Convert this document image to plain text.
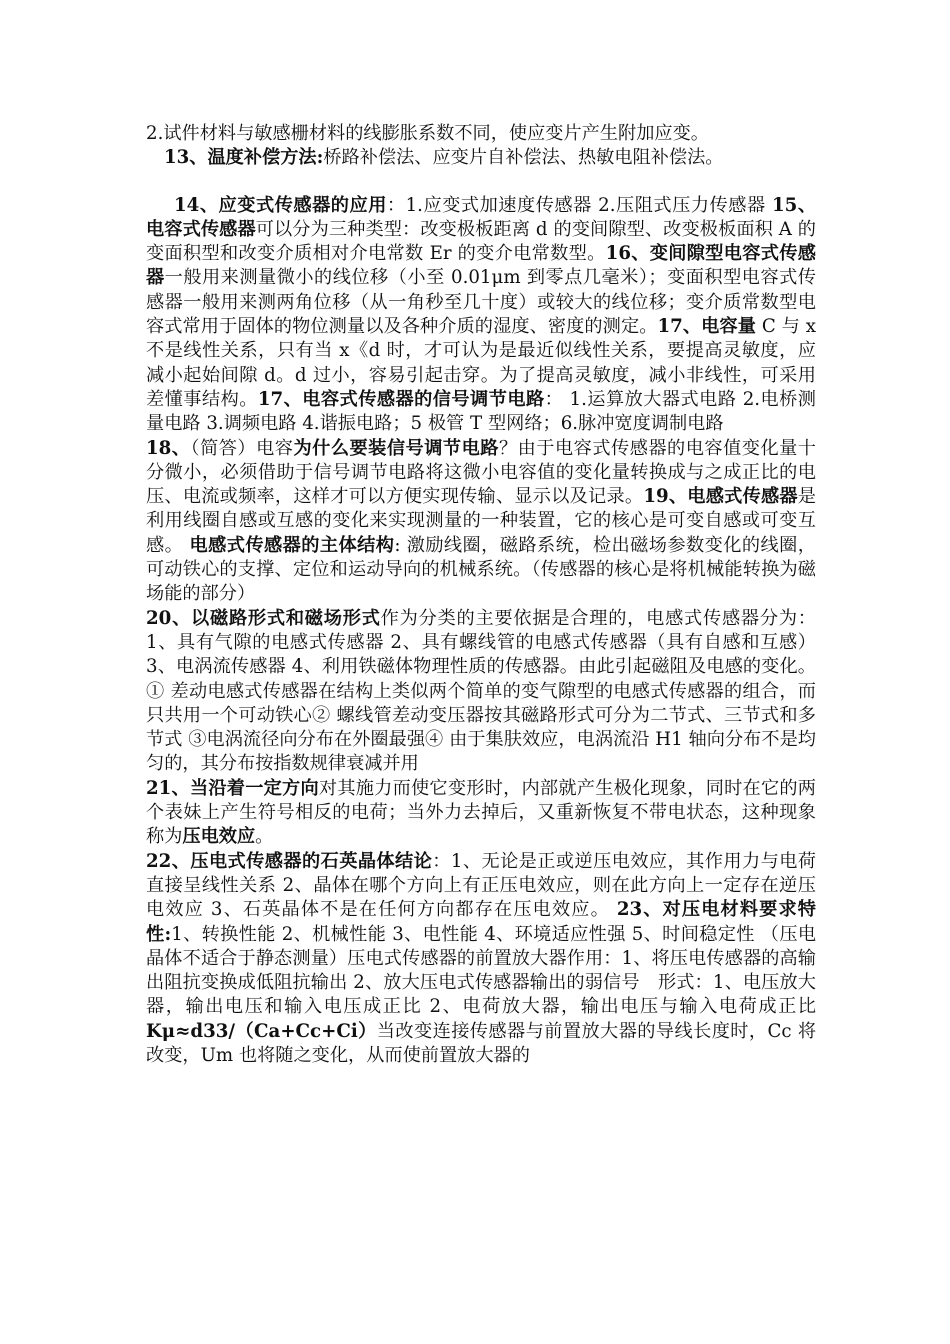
2.试件材料与敏感栅材料的线膨胀系数不同，使应变片产生附加应变。

13、温度补偿方法:桥路补偿法、应变片自补偿法、热敏电阻补偿法。

14、应变式传感器的应用：1.应变式加速度传感器 2.压阻式压力传感器 15、电容式传感器可以分为三种类型：改变极板距离 d 的变间隙型、改变极板面积 A 的变面积型和改变介质相对介电常数 Er 的变介电常数型。16、变间隙型电容式传感器一般用来测量微小的线位移（小至 0.01μm 到零点几毫米）；变面积型电容式传感器一般用来测两角位移（从一角秒至几十度）或较大的线位移；变介质常数型电容式常用于固体的物位测量以及各种介质的湿度、密度的测定。17、电容量 C 与 x 不是线性关系，只有当 x《d 时，才可认为是最近似线性关系，要提高灵敏度，应减小起始间隙 d。d 过小，容易引起击穿。为了提高灵敏度，减小非线性，可采用差懂事结构。17、电容式传感器的信号调节电路： 1.运算放大器式电路 2.电桥测量电路 3.调频电路 4.谐振电路；5 极管 T 型网络；6.脉冲宽度调制电路

18、（简答）电容为什么要装信号调节电路？由于电容式传感器的电容值变化量十分微小，必须借助于信号调节电路将这微小电容值的变化量转换成与之成正比的电压、电流或频率，这样才可以方便实现传输、显示以及记录。19、电感式传感器是利用线圈自感或互感的变化来实现测量的一种装置，它的核心是可变自感或可变互感。 电感式传感器的主体结构: 激励线圈，磁路系统，检出磁场参数变化的线圈，可动铁心的支撑、定位和运动导向的机械系统。（传感器的核心是将机械能转换为磁场能的部分）

20、以磁路形式和磁场形式作为分类的主要依据是合理的，电感式传感器分为：1、具有气隙的电感式传感器 2、具有螺线管的电感式传感器（具有自感和互感）3、电涡流传感器 4、利用铁磁体物理性质的传感器。由此引起磁阻及电感的变化。① 差动电感式传感器在结构上类似两个简单的变气隙型的电感式传感器的组合，而只共用一个可动铁心② 螺线管差动变压器按其磁路形式可分为二节式、三节式和多节式 ③电涡流径向分布在外圈最强④ 由于集肤效应，电涡流沿 H1 轴向分布不是均匀的，其分布按指数规律衰减并用

21、当沿着一定方向对其施力而使它变形时，内部就产生极化现象，同时在它的两个表妹上产生符号相反的电荷；当外力去掉后，又重新恢复不带电状态，这种现象称为压电效应。

22、压电式传感器的石英晶体结论：1、无论是正或逆压电效应，其作用力与电荷直接呈线性关系 2、晶体在哪个方向上有正压电效应，则在此方向上一定存在逆压电效应 3、石英晶体不是在任何方向都存在压电效应。 23、对压电材料要求特性:1、转换性能 2、机械性能 3、电性能 4、环境适应性强 5、时间稳定性 （压电晶体不适合于静态测量）压电式传感器的前置放大器作用：1、将压电传感器的高输出阻抗变换成低阻抗输出 2、放大压电式传感器输出的弱信号　形式：1、电压放大器，输出电压和输入电压成正比 2、电荷放大器，输出电压与输入电荷成正比 Kμ≈d33/（Ca+Cc+Ci）当改变连接传感器与前置放大器的导线长度时，Cc 将改变，Um 也将随之变化，从而使前置放大器的
